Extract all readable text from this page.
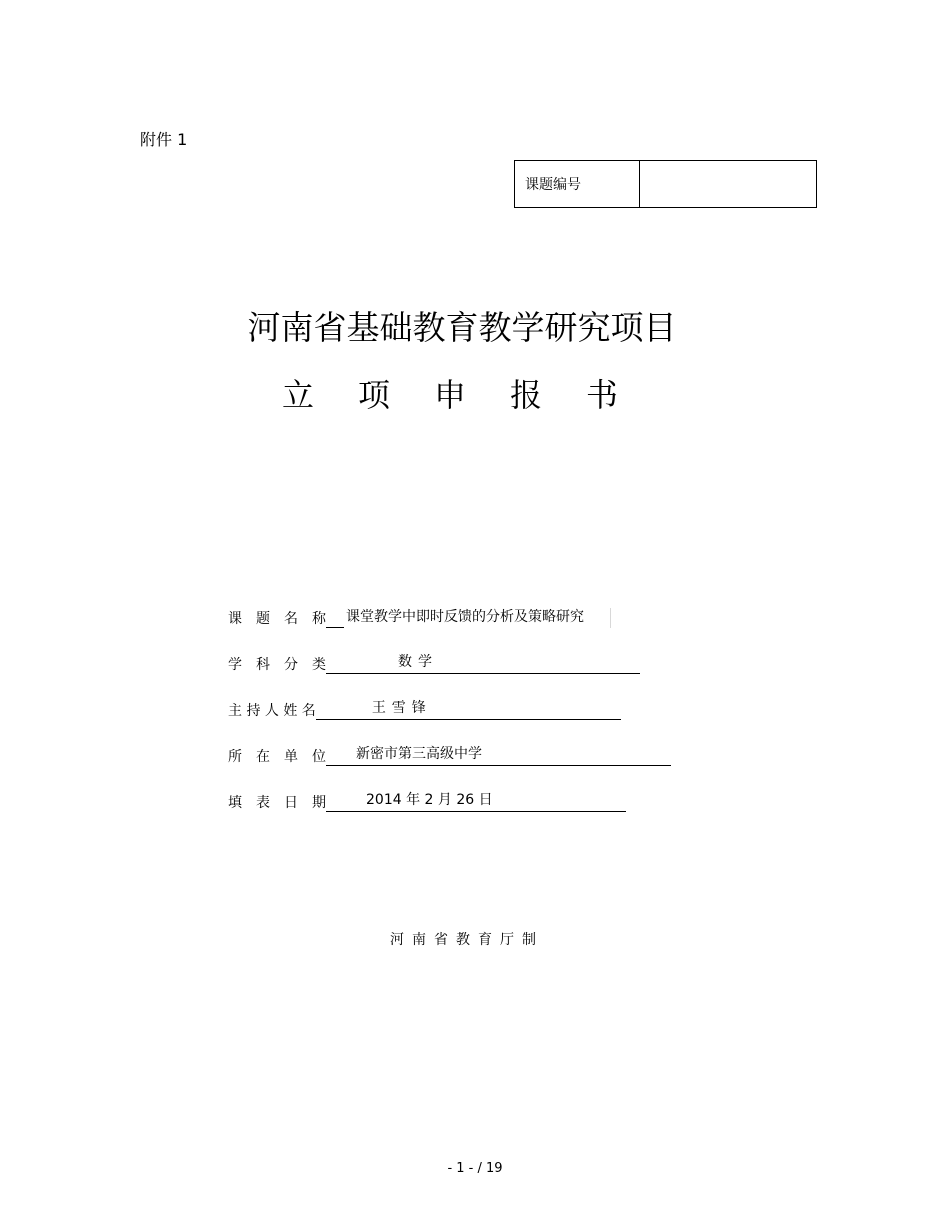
附件 1
课题编号
河南省基础教育教学研究项目
立项申报书
课　题　名　称 课堂教学中即时反馈的分析及策略研究
学　科　分　类	数学
主 持 人 姓 名	王雪锋
所　在　单　位	新密市第三高级中学
填　表　日　期	2014 年 2 月 26 日
河南省教育厅制
- 1 - / 19
